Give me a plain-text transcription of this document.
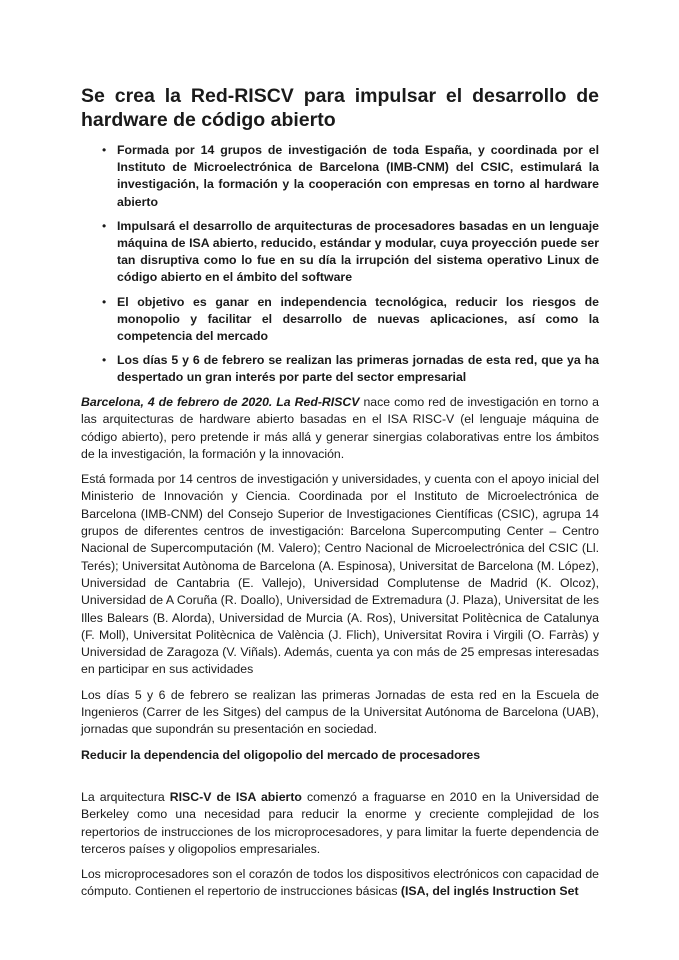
Se crea la Red-RISCV para impulsar el desarrollo de hardware de código abierto
• Formada por 14 grupos de investigación de toda España, y coordinada por el Instituto de Microelectrónica de Barcelona (IMB-CNM) del CSIC, estimulará la investigación, la formación y la cooperación con empresas en torno al hardware abierto
• Impulsará el desarrollo de arquitecturas de procesadores basadas en un lenguaje máquina de ISA abierto, reducido, estándar y modular, cuya proyección puede ser tan disruptiva como lo fue en su día la irrupción del sistema operativo Linux de código abierto en el ámbito del software
• El objetivo es ganar en independencia tecnológica, reducir los riesgos de monopolio y facilitar el desarrollo de nuevas aplicaciones, así como la competencia del mercado
• Los días 5 y 6 de febrero se realizan las primeras jornadas de esta red, que ya ha despertado un gran interés por parte del sector empresarial

Barcelona, 4 de febrero de 2020. La Red-RISCV nace como red de investigación en torno a las arquitecturas de hardware abierto basadas en el ISA RISC-V (el lenguaje máquina de código abierto), pero pretende ir más allá y generar sinergias colaborativas entre los ámbitos de la investigación, la formación y la innovación.

Está formada por 14 centros de investigación y universidades, y cuenta con el apoyo inicial del Ministerio de Innovación y Ciencia. Coordinada por el Instituto de Microelectrónica de Barcelona (IMB-CNM) del Consejo Superior de Investigaciones Científicas (CSIC), agrupa 14 grupos de diferentes centros de investigación: Barcelona Supercomputing Center – Centro Nacional de Supercomputación (M. Valero); Centro Nacional de Microelectrónica del CSIC (Ll. Terés); Universitat Autònoma de Barcelona (A. Espinosa), Universitat de Barcelona (M. López), Universidad de Cantabria (E. Vallejo), Universidad Complutense de Madrid (K. Olcoz), Universidad de A Coruña (R. Doallo), Universidad de Extremadura (J. Plaza), Universitat de les Illes Balears (B. Alorda), Universidad de Murcia (A. Ros), Universitat Politècnica de Catalunya (F. Moll), Universitat Politècnica de València (J. Flich), Universitat Rovira i Virgili (O. Farràs) y Universidad de Zaragoza (V. Viñals). Además, cuenta ya con más de 25 empresas interesadas en participar en sus actividades

Los días 5 y 6 de febrero se realizan las primeras Jornadas de esta red en la Escuela de Ingenieros (Carrer de les Sitges) del campus de la Universitat Autónoma de Barcelona (UAB), jornadas que supondrán su presentación en sociedad.

Reducir la dependencia del oligopolio del mercado de procesadores

La arquitectura RISC-V de ISA abierto comenzó a fraguarse en 2010 en la Universidad de Berkeley como una necesidad para reducir la enorme y creciente complejidad de los repertorios de instrucciones de los microprocesadores, y para limitar la fuerte dependencia de terceros países y oligopolios empresariales.

Los microprocesadores son el corazón de todos los dispositivos electrónicos con capacidad de cómputo. Contienen el repertorio de instrucciones básicas (ISA, del inglés Instruction Set
